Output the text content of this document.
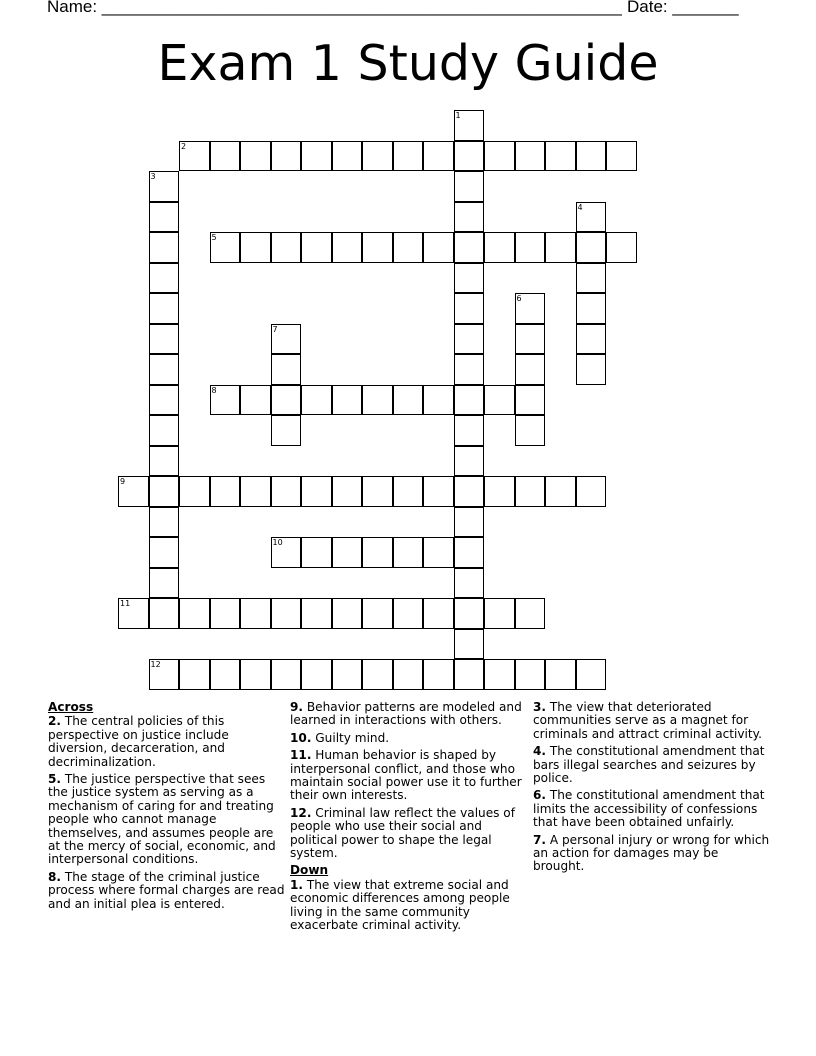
Name: _______________________________________________________ Date: _______
Exam 1 Study Guide
1
2
3
4
5
6
7
8
9
10
11
12
Across
2. The central policies of this perspective on justice include diversion, decarceration, and decriminalization.
5. The justice perspective that sees the justice system as serving as a mechanism of caring for and treating people who cannot manage themselves, and assumes people are at the mercy of social, economic, and interpersonal conditions.
8. The stage of the criminal justice process where formal charges are read and an initial plea is entered.
9. Behavior patterns are modeled and learned in interactions with others.
10. Guilty mind.
11. Human behavior is shaped by interpersonal conflict, and those who maintain social power use it to further their own interests.
12. Criminal law reflect the values of people who use their social and political power to shape the legal system.
Down
1. The view that extreme social and economic differences among people living in the same community exacerbate criminal activity.
3. The view that deteriorated communities serve as a magnet for criminals and attract criminal activity.
4. The constitutional amendment that bars illegal searches and seizures by police.
6. The constitutional amendment that limits the accessibility of confessions that have been obtained unfairly.
7. A personal injury or wrong for which an action for damages may be brought.
